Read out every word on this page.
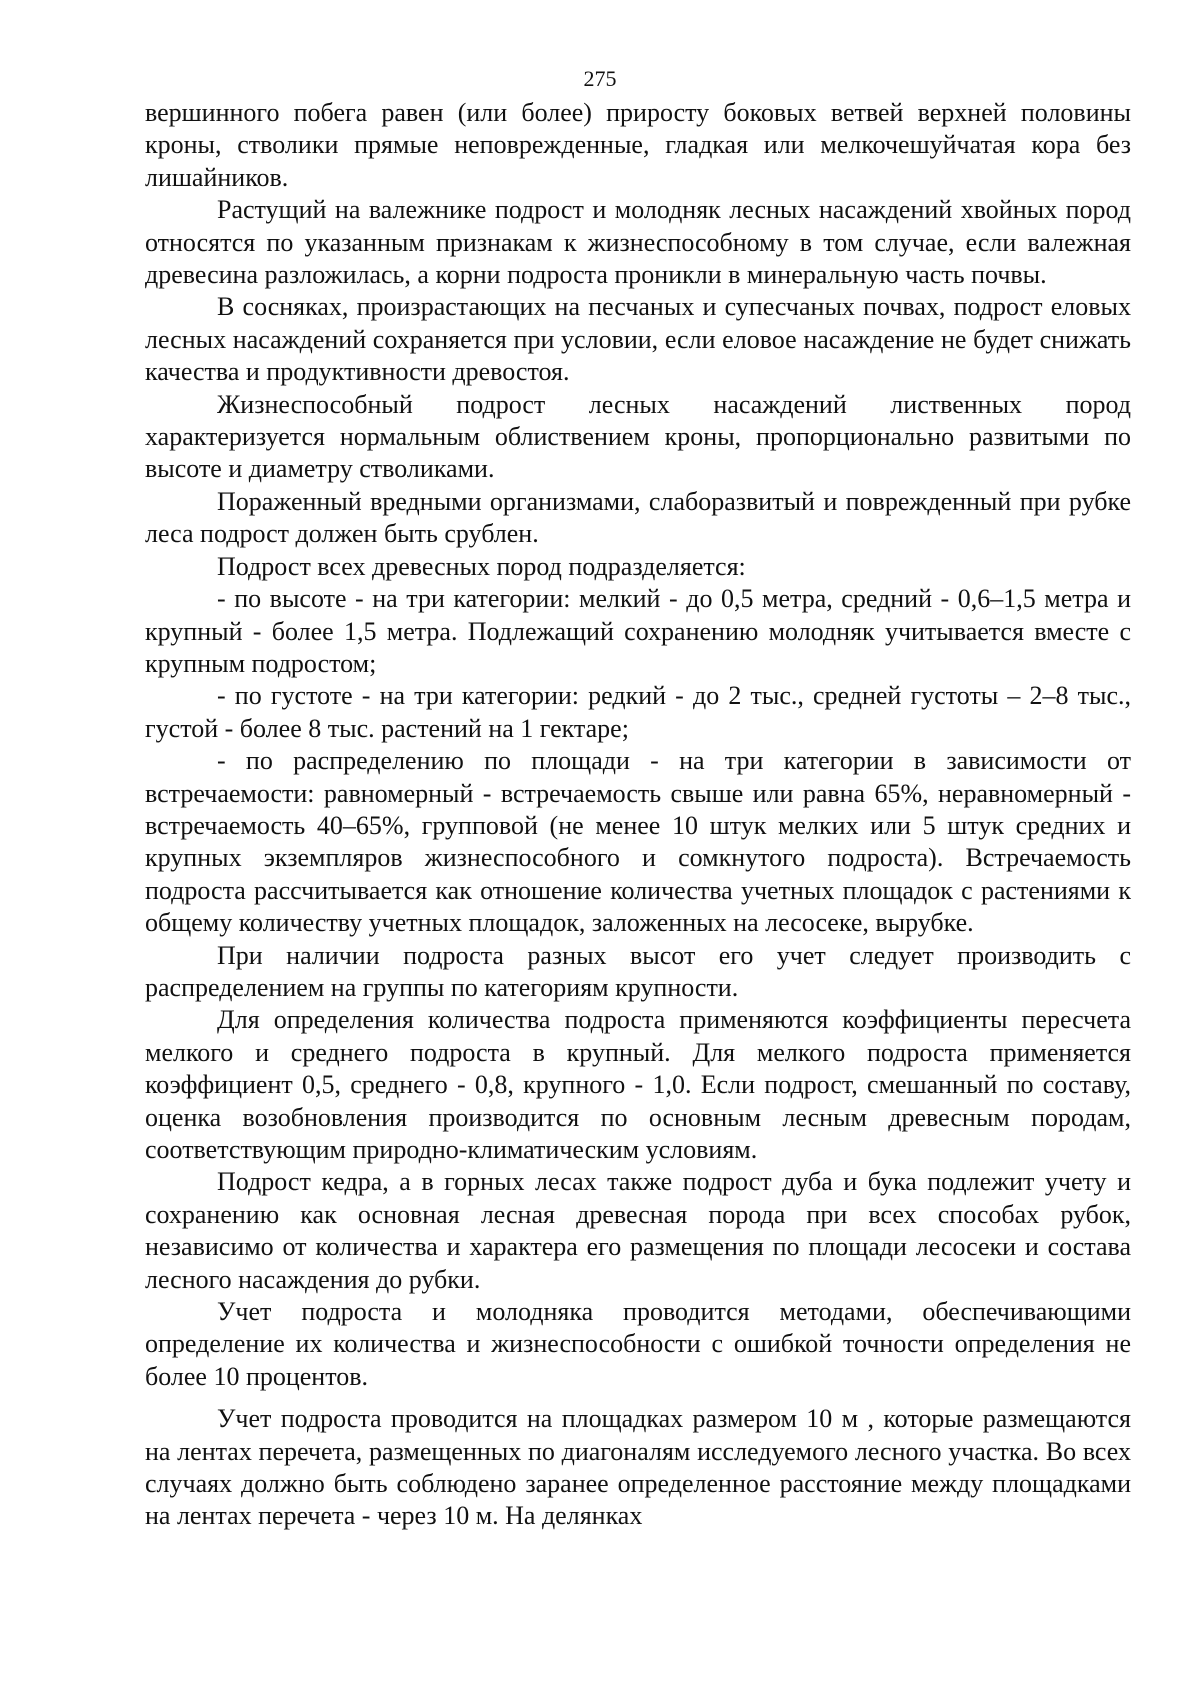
275

вершинного побега равен (или более) приросту боковых ветвей верхней половины кроны, стволики прямые неповрежденные, гладкая или мелкочешуйчатая кора без лишайников.

Растущий на валежнике подрост и молодняк лесных насаждений хвойных пород относятся по указанным признакам к жизнеспособному в том случае, если валежная древесина разложилась, а корни подроста проникли в минеральную часть почвы.

В сосняках, произрастающих на песчаных и супесчаных почвах, подрост еловых лесных насаждений сохраняется при условии, если еловое насаждение не будет снижать качества и продуктивности древостоя.

Жизнеспособный подрост лесных насаждений лиственных пород характеризуется нормальным облиствением кроны, пропорционально развитыми по высоте и диаметру стволиками.

Пораженный вредными организмами, слаборазвитый и поврежденный при рубке леса подрост должен быть срублен.

Подрост всех древесных пород подразделяется:

- по высоте - на три категории: мелкий - до 0,5 метра, средний - 0,6–1,5 метра и крупный - более 1,5 метра. Подлежащий сохранению молодняк учитывается вместе с крупным подростом;

- по густоте - на три категории: редкий - до 2 тыс., средней густоты – 2–8 тыс., густой - более 8 тыс. растений на 1 гектаре;

- по распределению по площади - на три категории в зависимости от встречаемости: равномерный - встречаемость свыше или равна 65%, неравномерный - встречаемость 40–65%, групповой (не менее 10 штук мелких или 5 штук средних и крупных экземпляров жизнеспособного и сомкнутого подроста). Встречаемость подроста рассчитывается как отношение количества учетных площадок с растениями к общему количеству учетных площадок, заложенных на лесосеке, вырубке.

При наличии подроста разных высот его учет следует производить с распределением на группы по категориям крупности.

Для определения количества подроста применяются коэффициенты пересчета мелкого и среднего подроста в крупный. Для мелкого подроста применяется коэффициент 0,5, среднего - 0,8, крупного - 1,0. Если подрост, смешанный по составу, оценка возобновления производится по основным лесным древесным породам, соответствующим природно-климатическим условиям.

Подрост кедра, а в горных лесах также подрост дуба и бука подлежит учету и сохранению как основная лесная древесная порода при всех способах рубок, независимо от количества и характера его размещения по площади лесосеки и состава лесного насаждения до рубки.

Учет подроста и молодняка проводится методами, обеспечивающими определение их количества и жизнеспособности с ошибкой точности определения не более 10 процентов.

Учет подроста проводится на площадках размером 10 м , которые размещаются на лентах перечета, размещенных по диагоналям исследуемого лесного участка. Во всех случаях должно быть соблюдено заранее определенное расстояние между площадками на лентах перечета - через 10 м. На делянках
